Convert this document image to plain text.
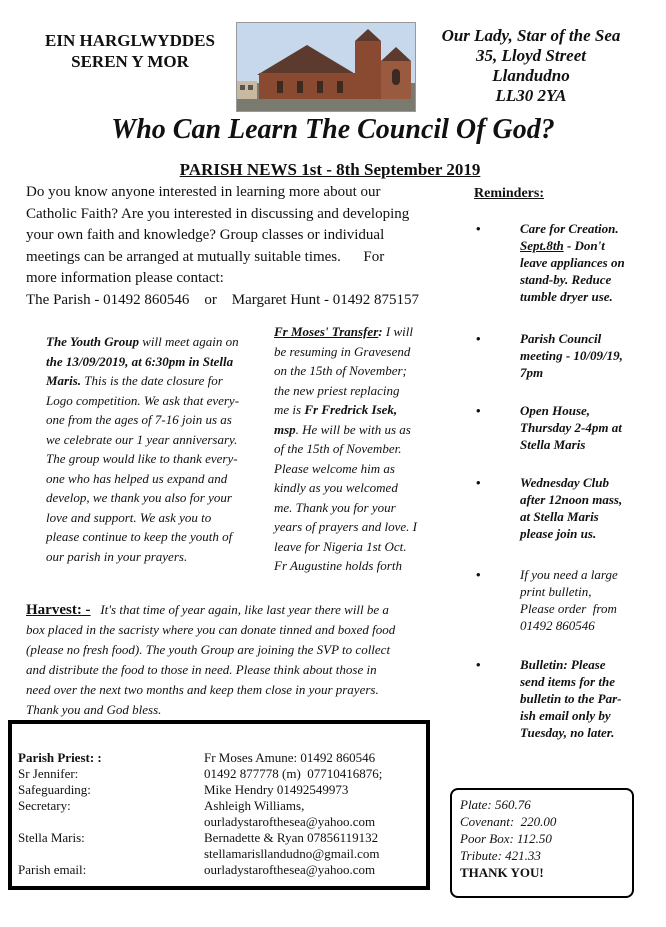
EIN HARGLWYDDES
SEREN Y MOR
Our Lady, Star of the Sea
35, Lloyd Street
Llandudno
LL30 2YA
Who Can Learn The Council Of God?
PARISH NEWS 1st - 8th September 2019
Do you know anyone interested in learning more about our
Catholic Faith? Are you interested in discussing and developing
your own faith and knowledge? Group classes or individual
meetings can be arranged at mutually suitable times.      For
more information please contact:
The Parish - 01492 860546    or    Margaret Hunt - 01492 875157
The Youth Group will meet again on
the 13/09/2019, at 6:30pm in Stella
Maris. This is the date closure for
Logo competition. We ask that every-
one from the ages of 7-16 join us as
we celebrate our 1 year anniversary.
The group would like to thank every-
one who has helped us expand and
develop, we thank you also for your
love and support. We ask you to
please continue to keep the youth of
our parish in your prayers.
Fr Moses' Transfer: I will
be resuming in Gravesend
on the 15th of November;
the new priest replacing
me is Fr Fredrick Isek,
msp. He will be with us as
of the 15th of November.
Please welcome him as
kindly as you welcomed
me. Thank you for your
years of prayers and love. I
leave for Nigeria 1st Oct.
Fr Augustine holds forth
Harvest: - It's that time of year again, like last year there will be a
box placed in the sacristy where you can donate tinned and boxed food
(please no fresh food). The youth Group are joining the SVP to collect
and distribute the food to those in need. Please think about those in
need over the next two months and keep them close in your prayers.
Thank you and God bless.
Reminders:
•	Care for Creation.
Sept.8th - Don't
leave appliances on
stand-by. Reduce
tumble dryer use.
•	Parish Council
meeting - 10/09/19,
7pm
•	Open House,
Thursday 2-4pm at
Stella Maris
•	Wednesday Club
after 12noon mass,
at Stella Maris
please join us.
•	If you need a large
print bulletin,
Please order  from
01492 860546
•	Bulletin: Please
send items for the
bulletin to the Par-
ish email only by
Tuesday, no later.
Parish Priest: :	Fr Moses Amune: 01492 860546
Sr Jennifer:	01492 877778 (m)  07710416876;
Safeguarding:	Mike Hendry 01492549973
Secretary:	Ashleigh Williams,
ourladystarofthesea@yahoo.com
Stella Maris:	Bernadette & Ryan 07856119132
stellamarisllandudno@gmail.com
Parish email:	ourladystarofthesea@yahoo.com
Plate: 560.76
Covenant:  220.00
Poor Box: 112.50
Tribute: 421.33
THANK YOU!
